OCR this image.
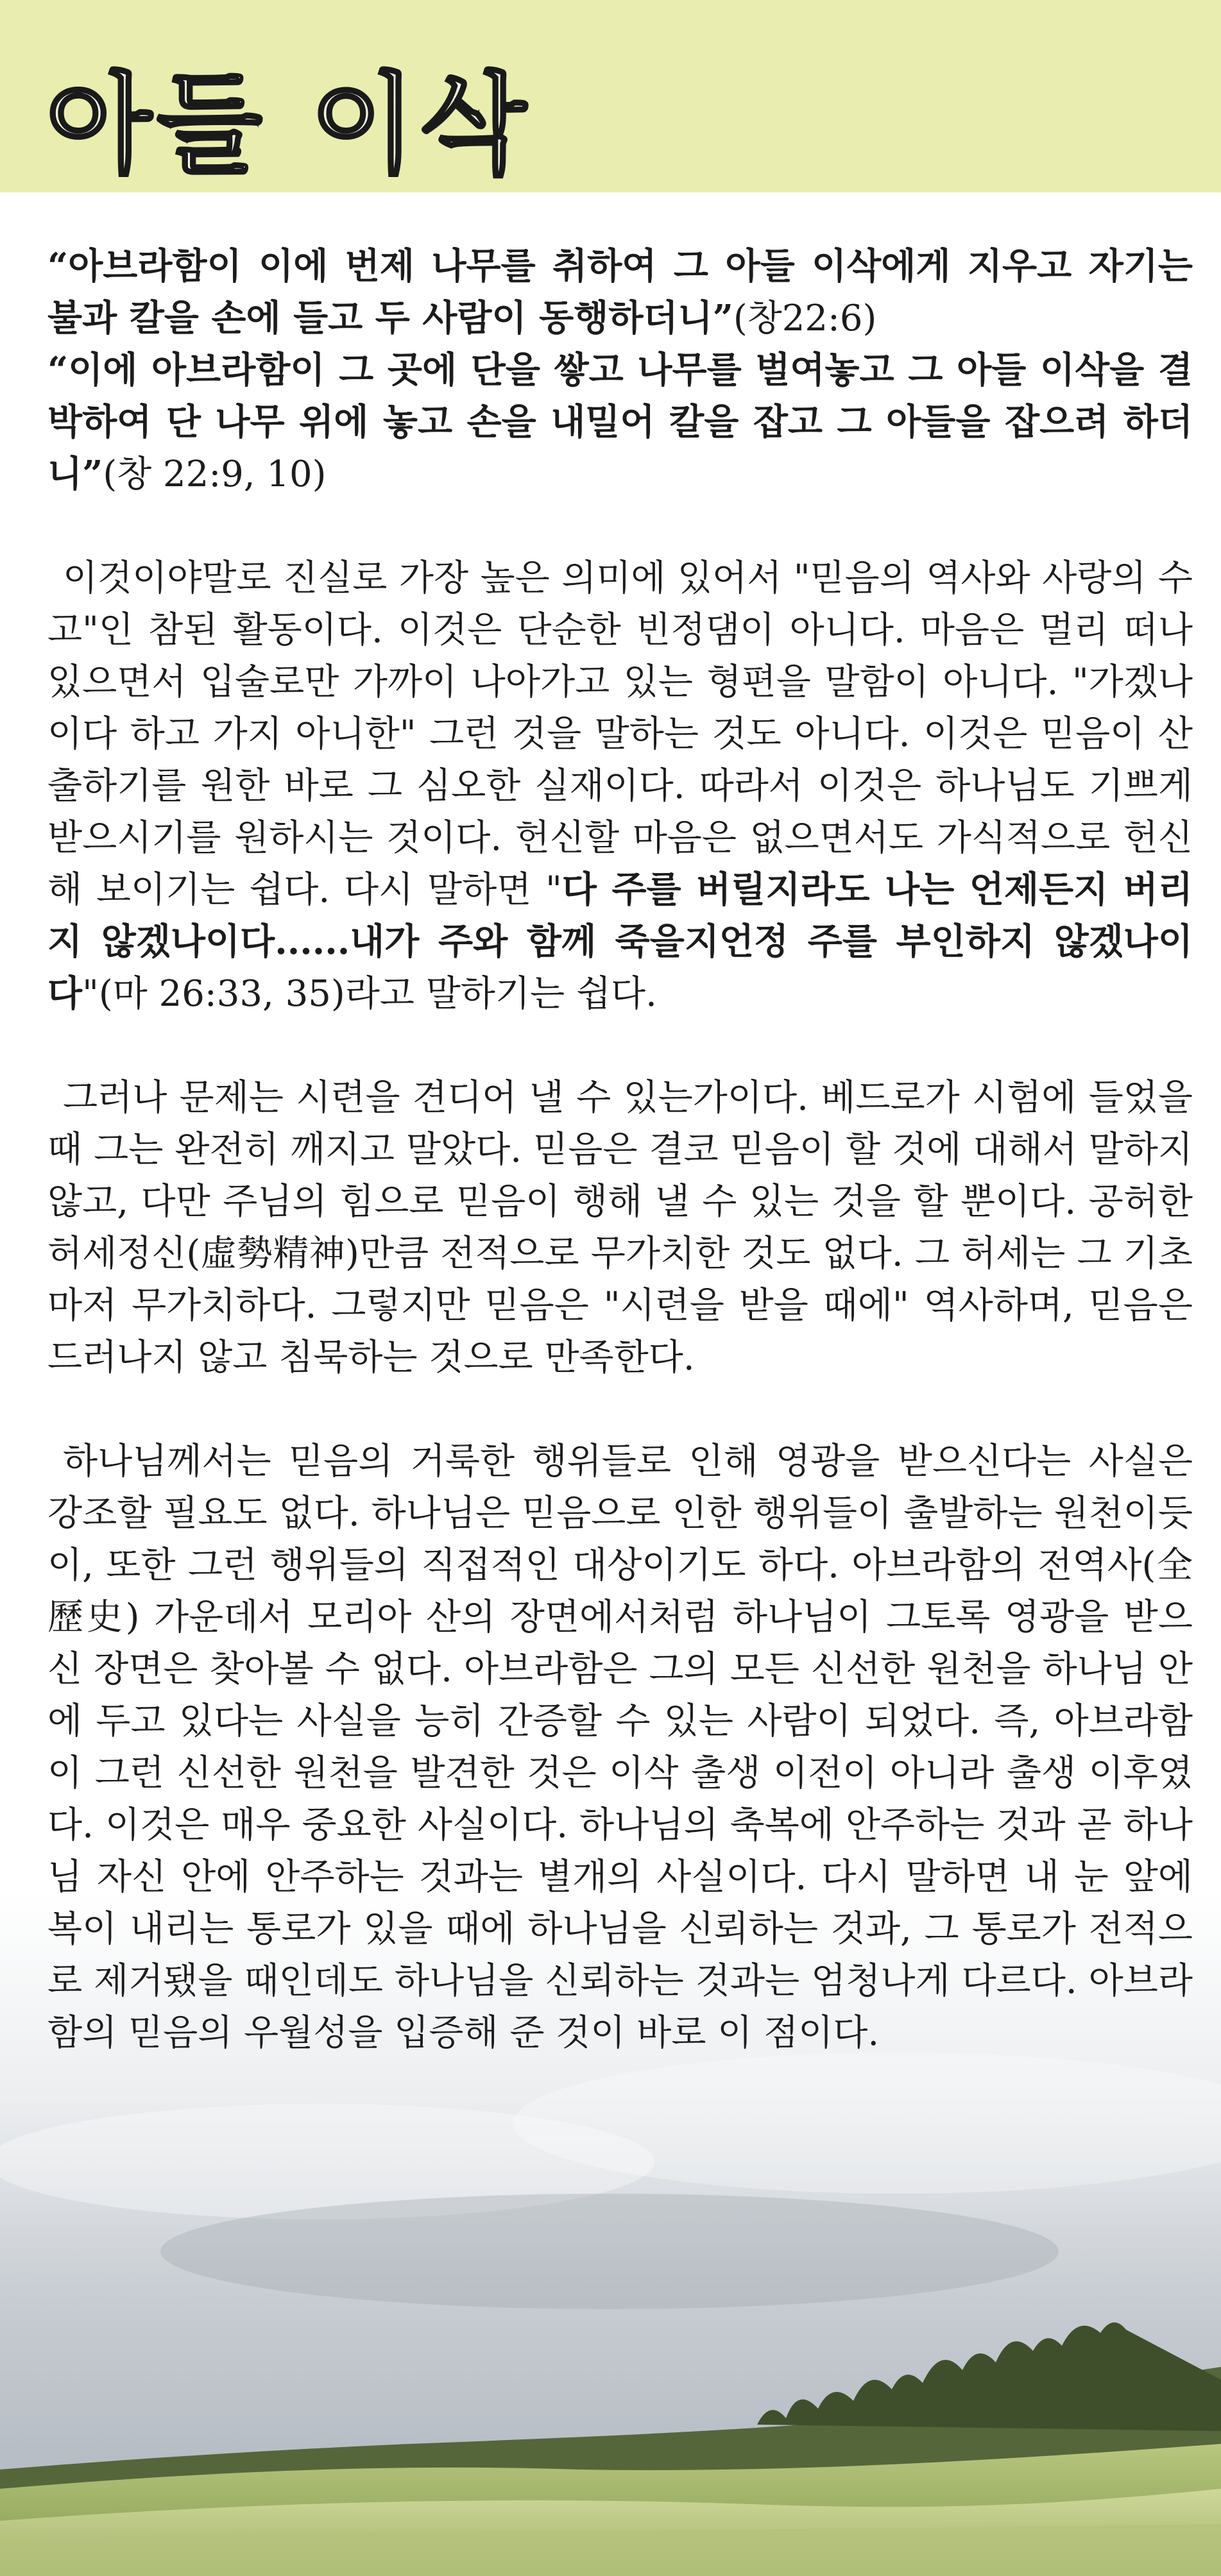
아들 이삭

“아브라함이 이에 번제 나무를 취하여 그 아들 이삭에게 지우고 자기는 불과 칼을 손에 들고 두 사람이 동행하더니”(창22:6)
“이에 아브라함이 그 곳에 단을 쌓고 나무를 벌여놓고 그 아들 이삭을 결박하여 단 나무 위에 놓고 손을 내밀어 칼을 잡고 그 아들을 잡으려 하더니”(창 22:9, 10)

이것이야말로 진실로 가장 높은 의미에 있어서 "믿음의 역사와 사랑의 수고"인 참된 활동이다. 이것은 단순한 빈정댐이 아니다. 마음은 멀리 떠나 있으면서 입술로만 가까이 나아가고 있는 형편을 말함이 아니다. "가겠나이다 하고 가지 아니한" 그런 것을 말하는 것도 아니다. 이것은 믿음이 산출하기를 원한 바로 그 심오한 실재이다. 따라서 이것은 하나님도 기쁘게 받으시기를 원하시는 것이다. 헌신할 마음은 없으면서도 가식적으로 헌신해 보이기는 쉽다. 다시 말하면 "다 주를 버릴지라도 나는 언제든지 버리지 않겠나이다......내가 주와 함께 죽을지언정 주를 부인하지 않겠나이다"(마 26:33, 35)라고 말하기는 쉽다.

그러나 문제는 시련을 견디어 낼 수 있는가이다. 베드로가 시험에 들었을 때 그는 완전히 깨지고 말았다. 믿음은 결코 믿음이 할 것에 대해서 말하지 않고, 다만 주님의 힘으로 믿음이 행해 낼 수 있는 것을 할 뿐이다. 공허한 허세정신(虛勢精神)만큼 전적으로 무가치한 것도 없다. 그 허세는 그 기초마저 무가치하다. 그렇지만 믿음은 "시련을 받을 때에" 역사하며, 믿음은 드러나지 않고 침묵하는 것으로 만족한다.

하나님께서는 믿음의 거룩한 행위들로 인해 영광을 받으신다는 사실은 강조할 필요도 없다. 하나님은 믿음으로 인한 행위들이 출발하는 원천이듯이, 또한 그런 행위들의 직접적인 대상이기도 하다. 아브라함의 전역사(全歷史) 가운데서 모리아 산의 장면에서처럼 하나님이 그토록 영광을 받으신 장면은 찾아볼 수 없다. 아브라함은 그의 모든 신선한 원천을 하나님 안에 두고 있다는 사실을 능히 간증할 수 있는 사람이 되었다. 즉, 아브라함이 그런 신선한 원천을 발견한 것은 이삭 출생 이전이 아니라 출생 이후였다. 이것은 매우 중요한 사실이다. 하나님의 축복에 안주하는 것과 곧 하나님 자신 안에 안주하는 것과는 별개의 사실이다. 다시 말하면 내 눈 앞에 복이 내리는 통로가 있을 때에 하나님을 신뢰하는 것과, 그 통로가 전적으로 제거됐을 때인데도 하나님을 신뢰하는 것과는 엄청나게 다르다. 아브라함의 믿음의 우월성을 입증해 준 것이 바로 이 점이다.
